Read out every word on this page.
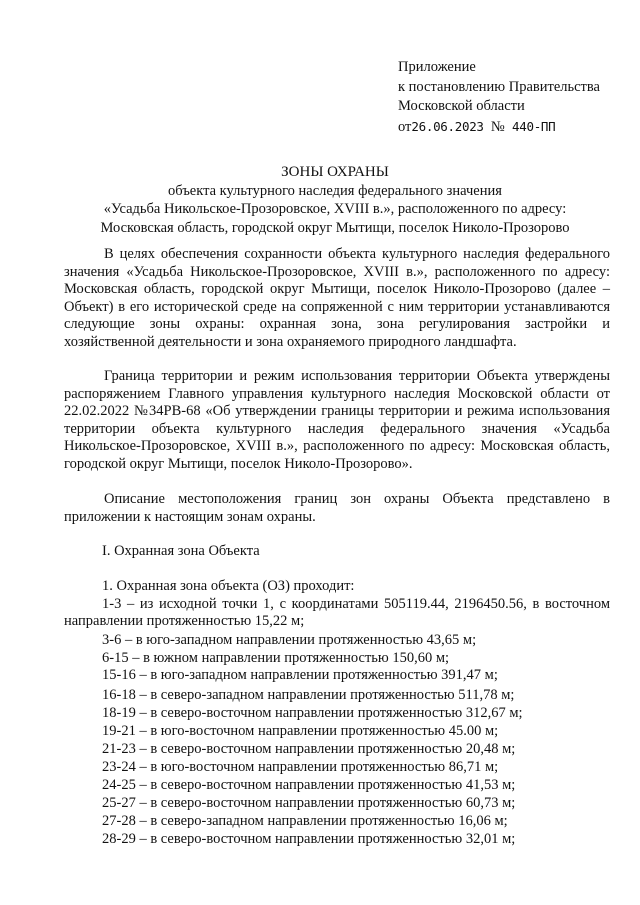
Приложение
к постановлению Правительства
Московской области
от26.06.2023 № 440-ПП
ЗОНЫ ОХРАНЫ
объекта культурного наследия федерального значения
«Усадьба Никольское-Прозоровское, XVIII в.», расположенного по адресу:
Московская область, городской округ Мытищи, поселок Николо-Прозорово
В целях обеспечения сохранности объекта культурного наследия федерального значения «Усадьба Никольское-Прозоровское, XVIII в.», расположенного по адресу: Московская область, городской округ Мытищи, поселок Николо-Прозорово (далее – Объект) в его исторической среде на сопряженной с ним территории устанавливаются следующие зоны охраны: охранная зона, зона регулирования застройки и хозяйственной деятельности и зона охраняемого природного ландшафта.
Граница территории и режим использования территории Объекта утверждены распоряжением Главного управления культурного наследия Московской области от 22.02.2022 №34РВ-68 «Об утверждении границы территории и режима использования территории объекта культурного наследия федерального значения «Усадьба Никольское-Прозоровское, XVIII в.», расположенного по адресу: Московская область, городской округ Мытищи, поселок Николо-Прозорово».
Описание местоположения границ зон охраны Объекта представлено в приложении к настоящим зонам охраны.
I. Охранная зона Объекта
1. Охранная зона объекта (ОЗ) проходит:
1-3 – из исходной точки 1, с координатами 505119.44, 2196450.56, в восточном направлении протяженностью 15,22 м;
3-6 – в юго-западном направлении протяженностью 43,65 м;
6-15 – в южном направлении протяженностью 150,60 м;
15-16 – в юго-западном направлении протяженностью 391,47 м;
16-18 – в северо-западном направлении протяженностью 511,78 м;
18-19 – в северо-восточном направлении протяженностью 312,67 м;
19-21 – в юго-восточном направлении протяженностью 45.00 м;
21-23 – в северо-восточном направлении протяженностью 20,48 м;
23-24 – в юго-восточном направлении протяженностью 86,71 м;
24-25 – в северо-восточном направлении протяженностью 41,53 м;
25-27 – в северо-восточном направлении протяженностью 60,73 м;
27-28 – в северо-западном направлении протяженностью 16,06 м;
28-29 – в северо-восточном направлении протяженностью 32,01 м;
